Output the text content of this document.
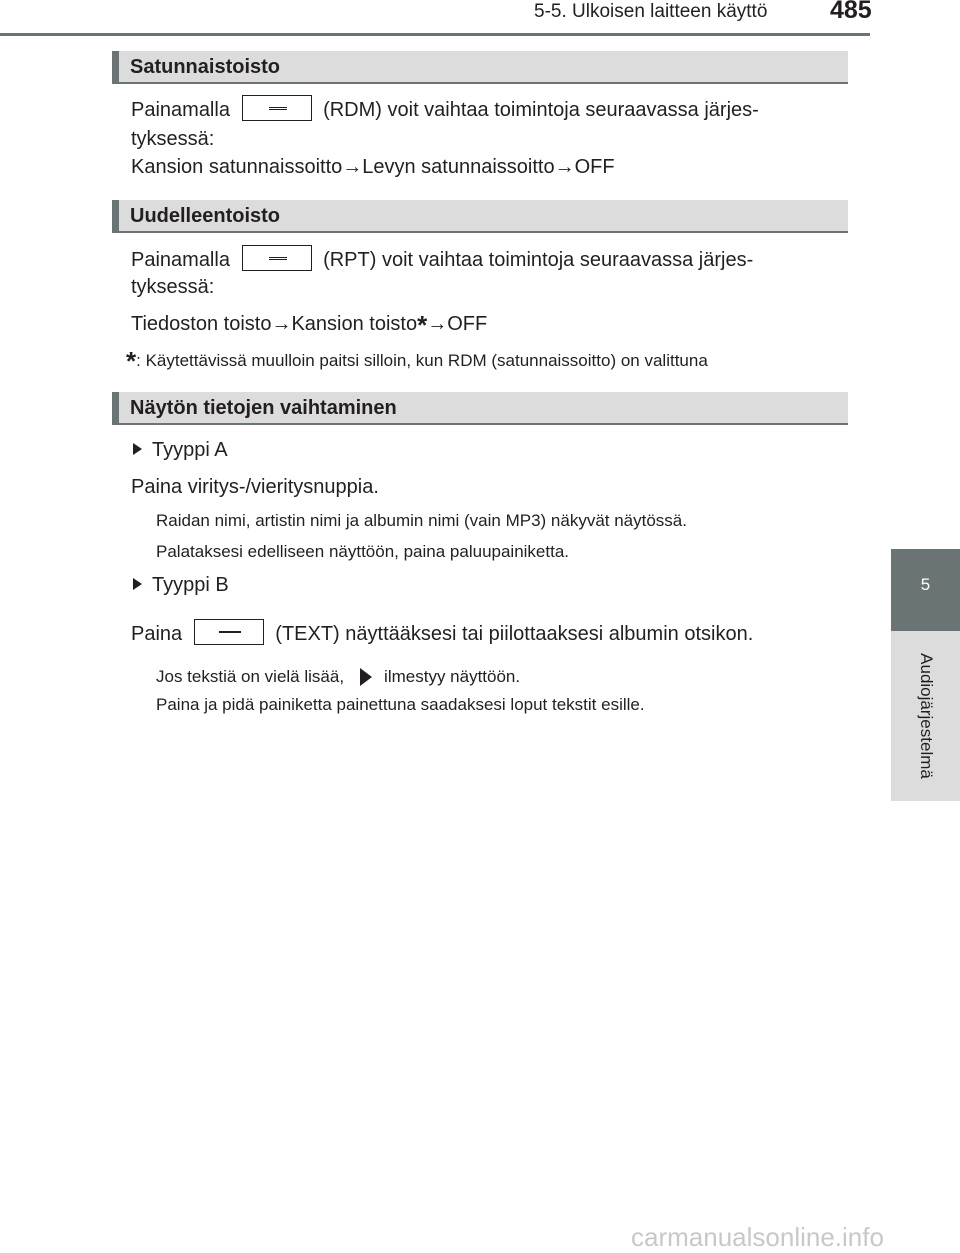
5-5. Ulkoisen laitteen käyttö	485
5
Audiojärjestelmä
Satunnaistoisto
Painamalla	(RDM) voit vaihtaa toimintoja seuraavassa järjes-
tyksessä:
Kansion satunnaissoitto→Levyn satunnaissoitto→OFF
Uudelleentoisto
Painamalla	(RPT) voit vaihtaa toimintoja seuraavassa järjes-
tyksessä:
Tiedoston toisto→Kansion toisto*→OFF
*: Käytettävissä muulloin paitsi silloin, kun RDM (satunnaissoitto) on valittuna
Näytön tietojen vaihtaminen
Tyyppi A
Paina viritys-/vieritysnuppia.
Raidan nimi, artistin nimi ja albumin nimi (vain MP3) näkyvät näytössä.
Palataksesi edelliseen näyttöön, paina paluupainiketta.
Tyyppi B
Paina	(TEXT) näyttääksesi tai piilottaaksesi albumin otsikon.
Jos tekstiä on vielä lisää, ilmestyy näyttöön.
Paina ja pidä painiketta painettuna saadaksesi loput tekstit esille.
carmanualsonline.info
